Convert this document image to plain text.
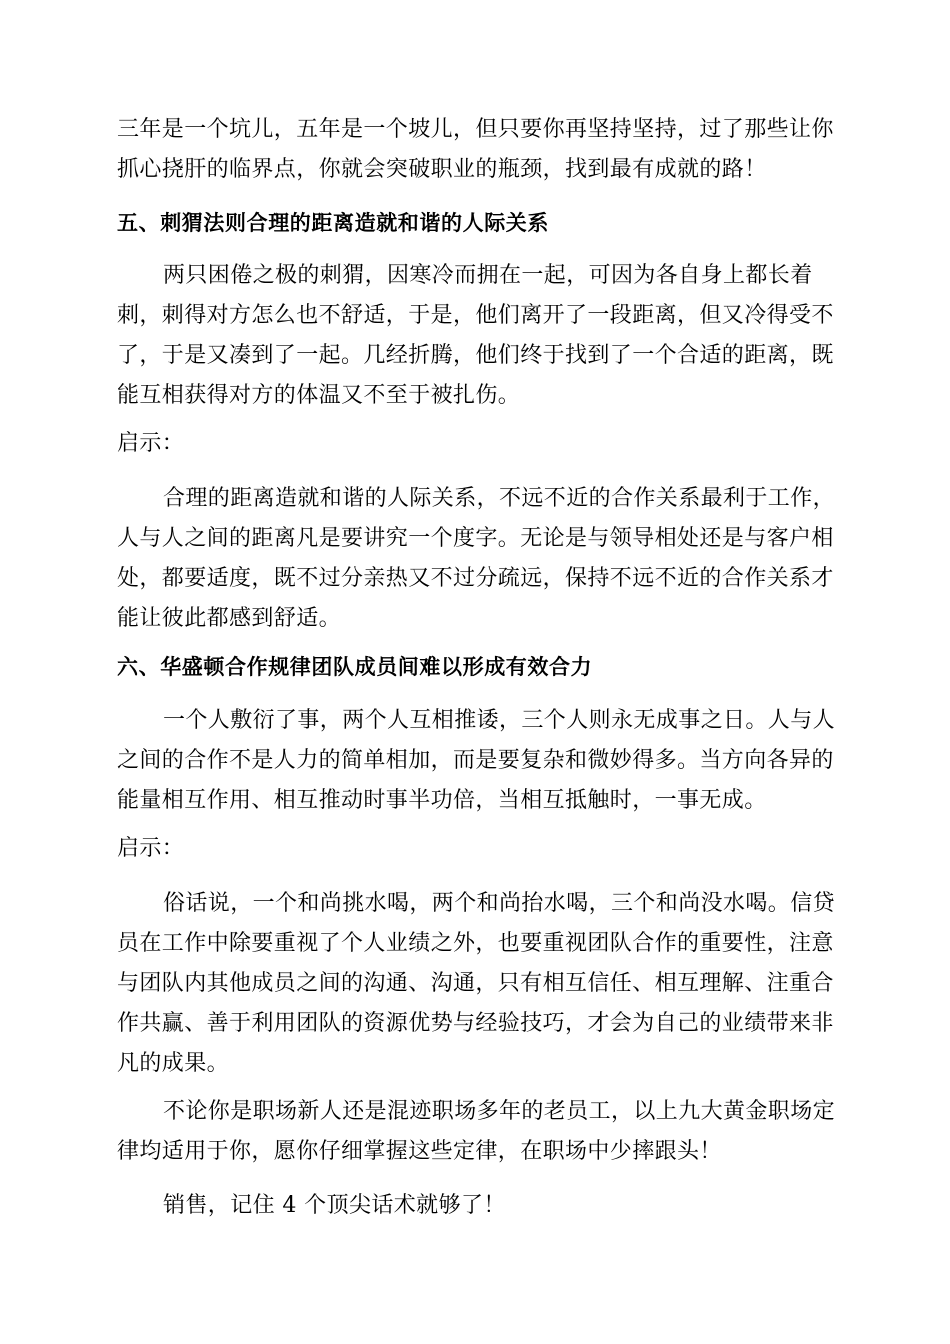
三年是一个坑儿，五年是一个坡儿，但只要你再坚持坚持，过了那些让你抓心挠肝的临界点，你就会突破职业的瓶颈，找到最有成就的路！

五、刺猬法则合理的距离造就和谐的人际关系

两只困倦之极的刺猬，因寒冷而拥在一起，可因为各自身上都长着刺，刺得对方怎么也不舒适，于是，他们离开了一段距离，但又冷得受不了，于是又凑到了一起。几经折腾，他们终于找到了一个合适的距离，既能互相获得对方的体温又不至于被扎伤。

启示：

合理的距离造就和谐的人际关系，不远不近的合作关系最利于工作，人与人之间的距离凡是要讲究一个度字。无论是与领导相处还是与客户相处，都要适度，既不过分亲热又不过分疏远，保持不远不近的合作关系才能让彼此都感到舒适。

六、华盛顿合作规律团队成员间难以形成有效合力

一个人敷衍了事，两个人互相推诿，三个人则永无成事之日。人与人之间的合作不是人力的简单相加，而是要复杂和微妙得多。当方向各异的能量相互作用、相互推动时事半功倍，当相互抵触时，一事无成。

启示：

俗话说，一个和尚挑水喝，两个和尚抬水喝，三个和尚没水喝。信贷员在工作中除要重视了个人业绩之外，也要重视团队合作的重要性，注意与团队内其他成员之间的沟通、沟通，只有相互信任、相互理解、注重合作共赢、善于利用团队的资源优势与经验技巧，才会为自己的业绩带来非凡的成果。

不论你是职场新人还是混迹职场多年的老员工，以上九大黄金职场定律均适用于你，愿你仔细掌握这些定律，在职场中少摔跟头！

销售，记住 4 个顶尖话术就够了！
